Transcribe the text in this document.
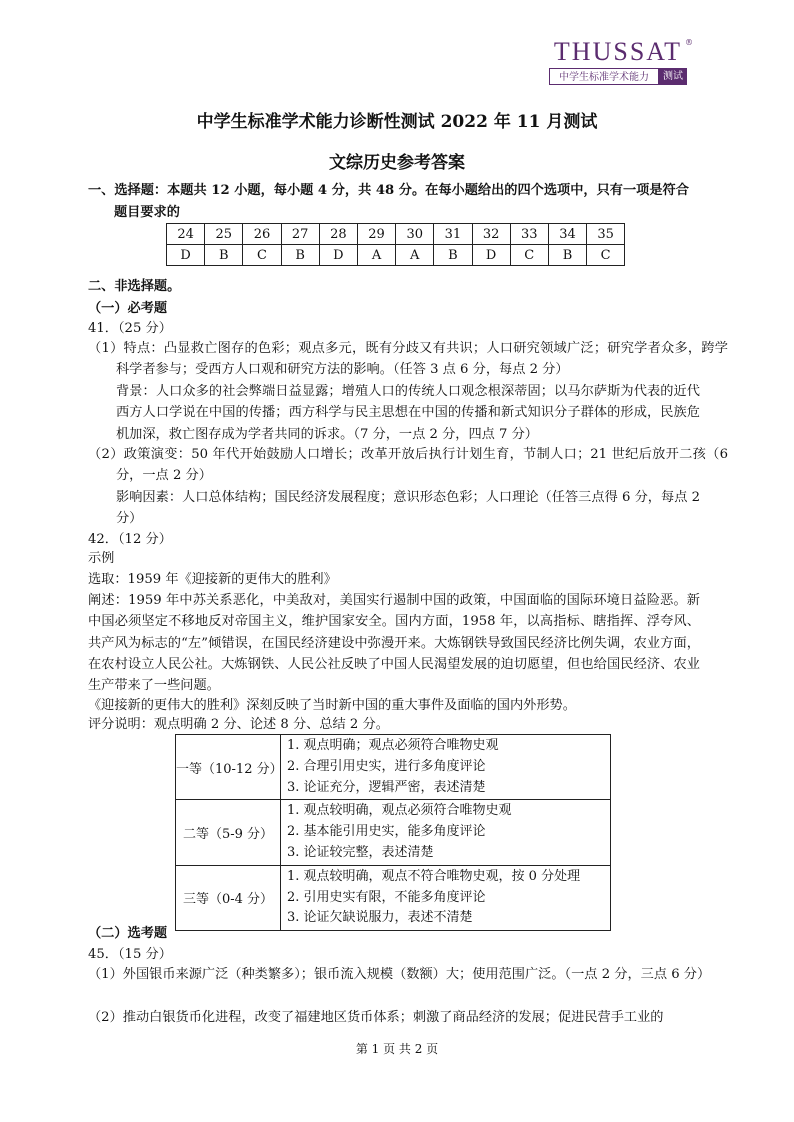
THUSSAT ®
中学生标准学术能力	测试
中学生标准学术能力诊断性测试 2022 年 11 月测试
文综历史参考答案
一、选择题：本题共 12 小题，每小题 4 分，共 48 分。在每小题给出的四个选项中，只有一项是符合
题目要求的
24	25	26	27	28	29	30	31	32	33	34	35
D	B	C	B	D	A	A	B	D	C	B	C
二、非选择题。
（一）必考题
41．（25 分）
（1）特点：凸显救亡图存的色彩；观点多元，既有分歧又有共识；人口研究领域广泛；研究学者众多，跨学科学者参与；受西方人口观和研究方法的影响。（任答 3 点 6 分，每点 2 分）
背景：人口众多的社会弊端日益显露；增殖人口的传统人口观念根深蒂固；以马尔萨斯为代表的近代西方人口学说在中国的传播；西方科学与民主思想在中国的传播和新式知识分子群体的形成，民族危机加深，救亡图存成为学者共同的诉求。（7 分，一点 2 分，四点 7 分）
（2）政策演变：50 年代开始鼓励人口增长；改革开放后执行计划生育，节制人口；21 世纪后放开二孩（6 分，一点 2 分）
影响因素：人口总体结构；国民经济发展程度；意识形态色彩；人口理论（任答三点得 6 分，每点 2 分）
42．（12 分）
示例
选取：1959 年《迎接新的更伟大的胜利》
阐述：1959 年中苏关系恶化，中美敌对，美国实行遏制中国的政策，中国面临的国际环境日益险恶。新中国必须坚定不移地反对帝国主义，维护国家安全。国内方面，1958 年，以高指标、瞎指挥、浮夸风、共产风为标志的“左”倾错误，在国民经济建设中弥漫开来。大炼钢铁导致国民经济比例失调，农业方面，在农村设立人民公社。大炼钢铁、人民公社反映了中国人民渴望发展的迫切愿望，但也给国民经济、农业生产带来了一些问题。
《迎接新的更伟大的胜利》深刻反映了当时新中国的重大事件及面临的国内外形势。
评分说明：观点明确 2 分、论述 8 分、总结 2 分。
一等（10-12 分）	1. 观点明确；观点必须符合唯物史观
2. 合理引用史实，进行多角度评论
3. 论证充分，逻辑严密，表述清楚

二等（5-9 分）	1. 观点较明确，观点必须符合唯物史观
2. 基本能引用史实，能多角度评论
3. 论证较完整，表述清楚

三等（0-4 分）	1. 观点较明确，观点不符合唯物史观，按 0 分处理
2. 引用史实有限，不能多角度评论
3. 论证欠缺说服力，表述不清楚
（二）选考题
45．（15 分）
（1）外国银币来源广泛（种类繁多）；银币流入规模（数额）大；使用范围广泛。（一点 2 分，三点 6 分）
（2）推动白银货币化进程，改变了福建地区货币体系；刺激了商品经济的发展；促进民营手工业的
第 1 页 共 2 页
